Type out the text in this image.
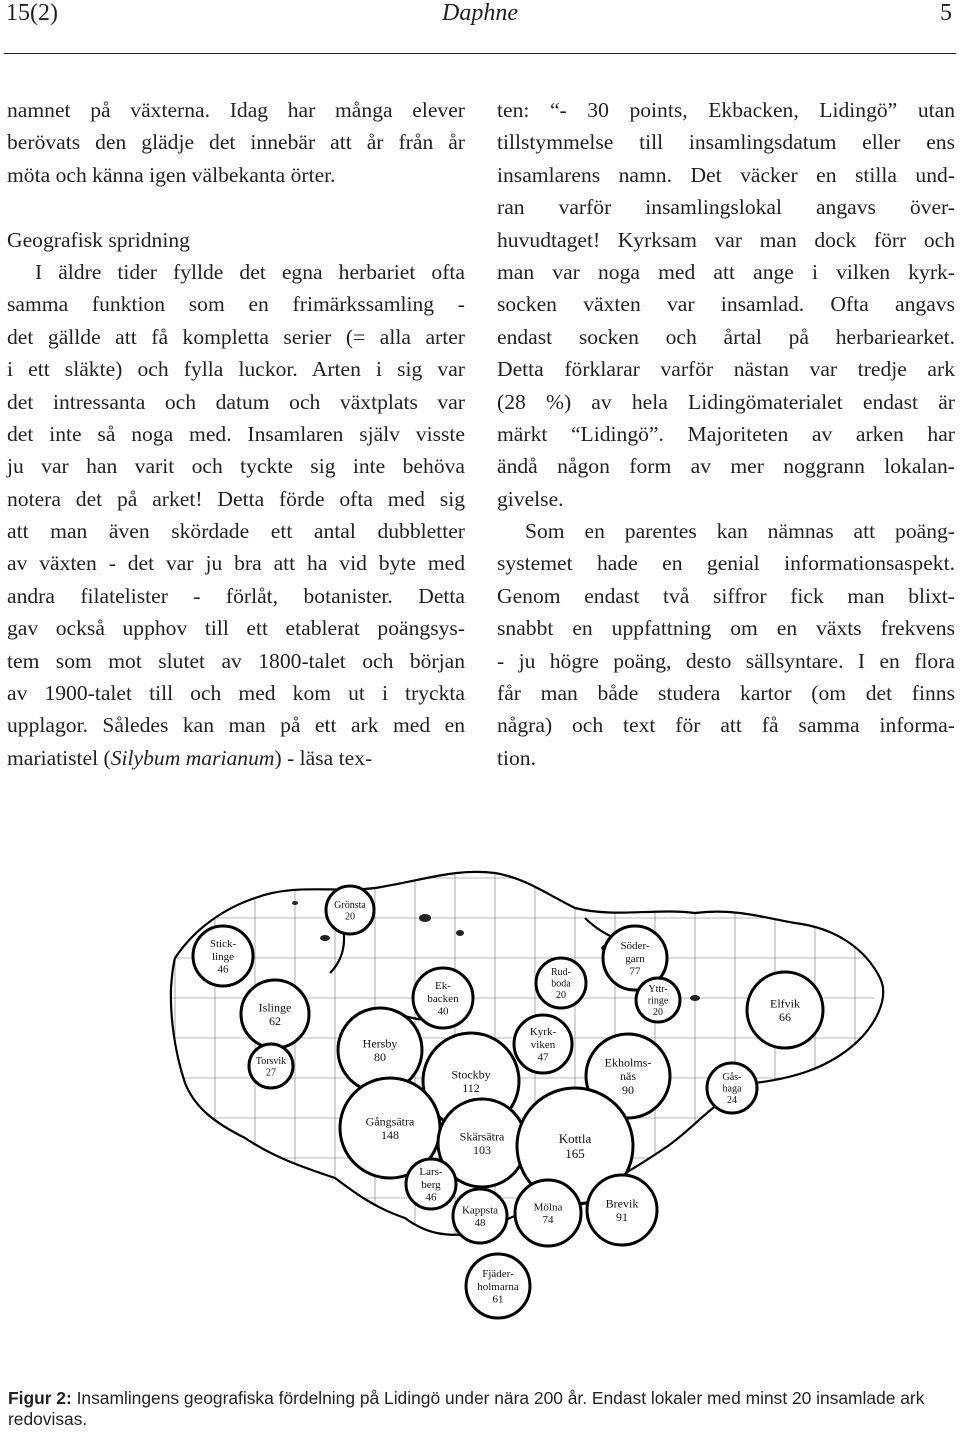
15(2)	Daphne	5
namnet på växterna. Idag har många elever
berövats den glädje det innebär att år från år
möta och känna igen välbekanta örter.
Geografisk spridning
I äldre tider fyllde det egna herbariet ofta
samma funktion som en frimärkssamling -
det gällde att få kompletta serier (= alla arter
i ett släkte) och fylla luckor. Arten i sig var
det intressanta och datum och växtplats var
det inte så noga med. Insamlaren själv visste
ju var han varit och tyckte sig inte behöva
notera det på arket! Detta förde ofta med sig
att man även skördade ett antal dubbletter
av växten - det var ju bra att ha vid byte med
andra filatelister - förlåt, botanister. Detta
gav också upphov till ett etablerat poängsys-
tem som mot slutet av 1800-talet och början
av 1900-talet till och med kom ut i tryckta
upplagor. Således kan man på ett ark med en
mariatistel (Silybum marianum) - läsa tex-
ten: “- 30 points, Ekbacken, Lidingö” utan
tillstymmelse till insamlingsdatum eller ens
insamlarens namn. Det väcker en stilla und-
ran varför insamlingslokal angavs över-
huvudtaget! Kyrksam var man dock förr och
man var noga med att ange i vilken kyrk-
socken växten var insamlad. Ofta angavs
endast socken och årtal på herbariearket.
Detta förklarar varför nästan var tredje ark
(28 %) av hela Lidingömaterialet endast är
märkt “Lidingö”. Majoriteten av arken har
ändå någon form av mer noggrann lokalan-
givelse.
Som en parentes kan nämnas att poäng-
systemet hade en genial informationsaspekt.
Genom endast två siffror fick man blixt-
snabbt en uppfattning om en växts frekvens
- ju högre poäng, desto sällsyntare. I en flora
får man både studera kartor (om det finns
några) och text för att få samma informa-
tion.
Grönsta
20
Stick-
linge
46
Islinge
62
Torsvik
27
Ek-
backen
40
Hersby
80
Rud-
boda
20
Söder-
garn
77
Yttr-
ringe
20
Elfvik
66
Kyrk-
viken
47
Stockby
112
Ekholms-
näs
90
Gås-
haga
24
Gångsätra
148	Skärsätra
103
Kottla
165
Lars-
berg
46
Kappsta
48
Mölna
74
Brevik
91
Fjäder-
holmarna
61
Figur 2: Insamlingens geografiska fördelning på Lidingö under nära 200 år. Endast lokaler med minst 20 insamlade ark redovisas.
